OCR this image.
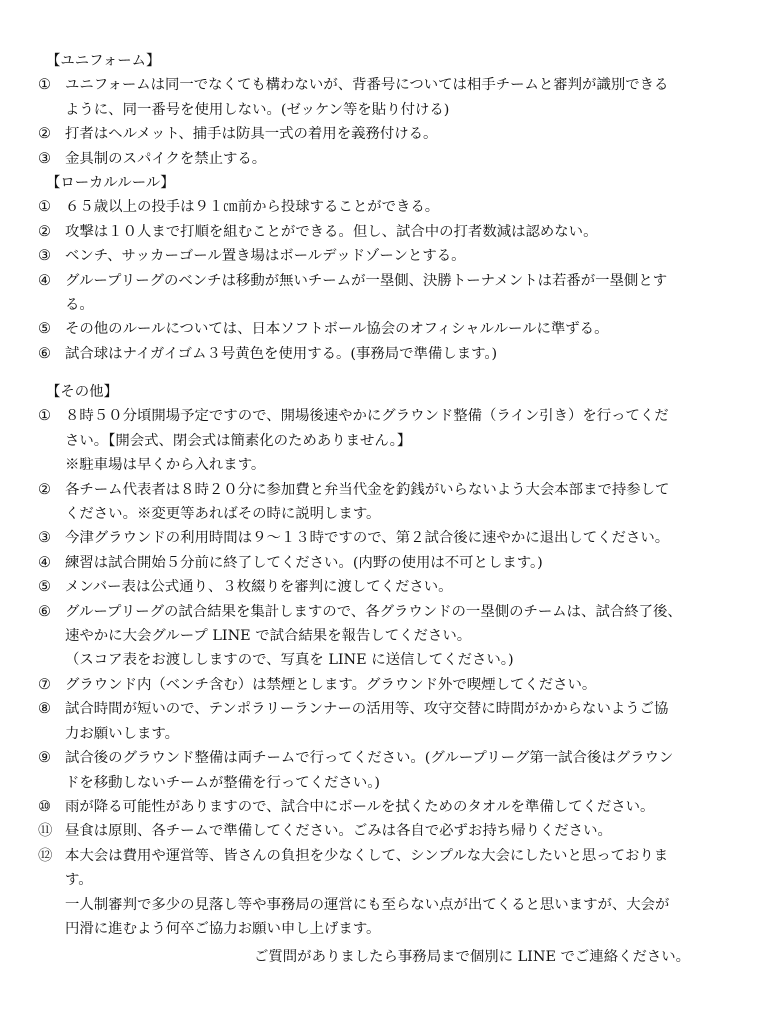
【ユニフォーム】
① ユニフォームは同一でなくても構わないが、背番号については相手チームと審判が識別できる
ように、同一番号を使用しない。(ゼッケン等を貼り付ける)
② 打者はヘルメット、捕手は防具一式の着用を義務付ける。
③ 金具制のスパイクを禁止する。
【ローカルルール】
① ６５歳以上の投手は９１㎝前から投球することができる。
② 攻撃は１０人まで打順を組むことができる。但し、試合中の打者数減は認めない。
③ ベンチ、サッカーゴール置き場はボールデッドゾーンとする。
④ グループリーグのベンチは移動が無いチームが一塁側、決勝トーナメントは若番が一塁側とす
る。
⑤ その他のルールについては、日本ソフトボール協会のオフィシャルルールに準ずる。
⑥ 試合球はナイガイゴム３号黄色を使用する。(事務局で準備します。)
【その他】
① ８時５０分頃開場予定ですので、開場後速やかにグラウンド整備（ライン引き）を行ってくだ
さい。【開会式、閉会式は簡素化のためありません。】
※駐車場は早くから入れます。
② 各チーム代表者は８時２０分に参加費と弁当代金を釣銭がいらないよう大会本部まで持参して
ください。※変更等あればその時に説明します。
③ 今津グラウンドの利用時間は９～１３時ですので、第２試合後に速やかに退出してください。
④ 練習は試合開始５分前に終了してください。(内野の使用は不可とします。)
⑤ メンバー表は公式通り、３枚綴りを審判に渡してください。
⑥ グループリーグの試合結果を集計しますので、各グラウンドの一塁側のチームは、試合終了後、
速やかに大会グループ LINE で試合結果を報告してください。
（スコア表をお渡ししますので、写真を LINE に送信してください。)
⑦ グラウンド内（ベンチ含む）は禁煙とします。グラウンド外で喫煙してください。
⑧ 試合時間が短いので、テンポラリーランナーの活用等、攻守交替に時間がかからないようご協
力お願いします。
⑨ 試合後のグラウンド整備は両チームで行ってください。(グループリーグ第一試合後はグラウン
ドを移動しないチームが整備を行ってください。)
⑩ 雨が降る可能性がありますので、試合中にボールを拭くためのタオルを準備してください。
⑪ 昼食は原則、各チームで準備してください。ごみは各自で必ずお持ち帰りください。
⑫ 本大会は費用や運営等、皆さんの負担を少なくして、シンプルな大会にしたいと思っておりま
す。
一人制審判で多少の見落し等や事務局の運営にも至らない点が出てくると思いますが、大会が
円滑に進むよう何卒ご協力お願い申し上げます。
ご質問がありましたら事務局まで個別に LINE でご連絡ください。
